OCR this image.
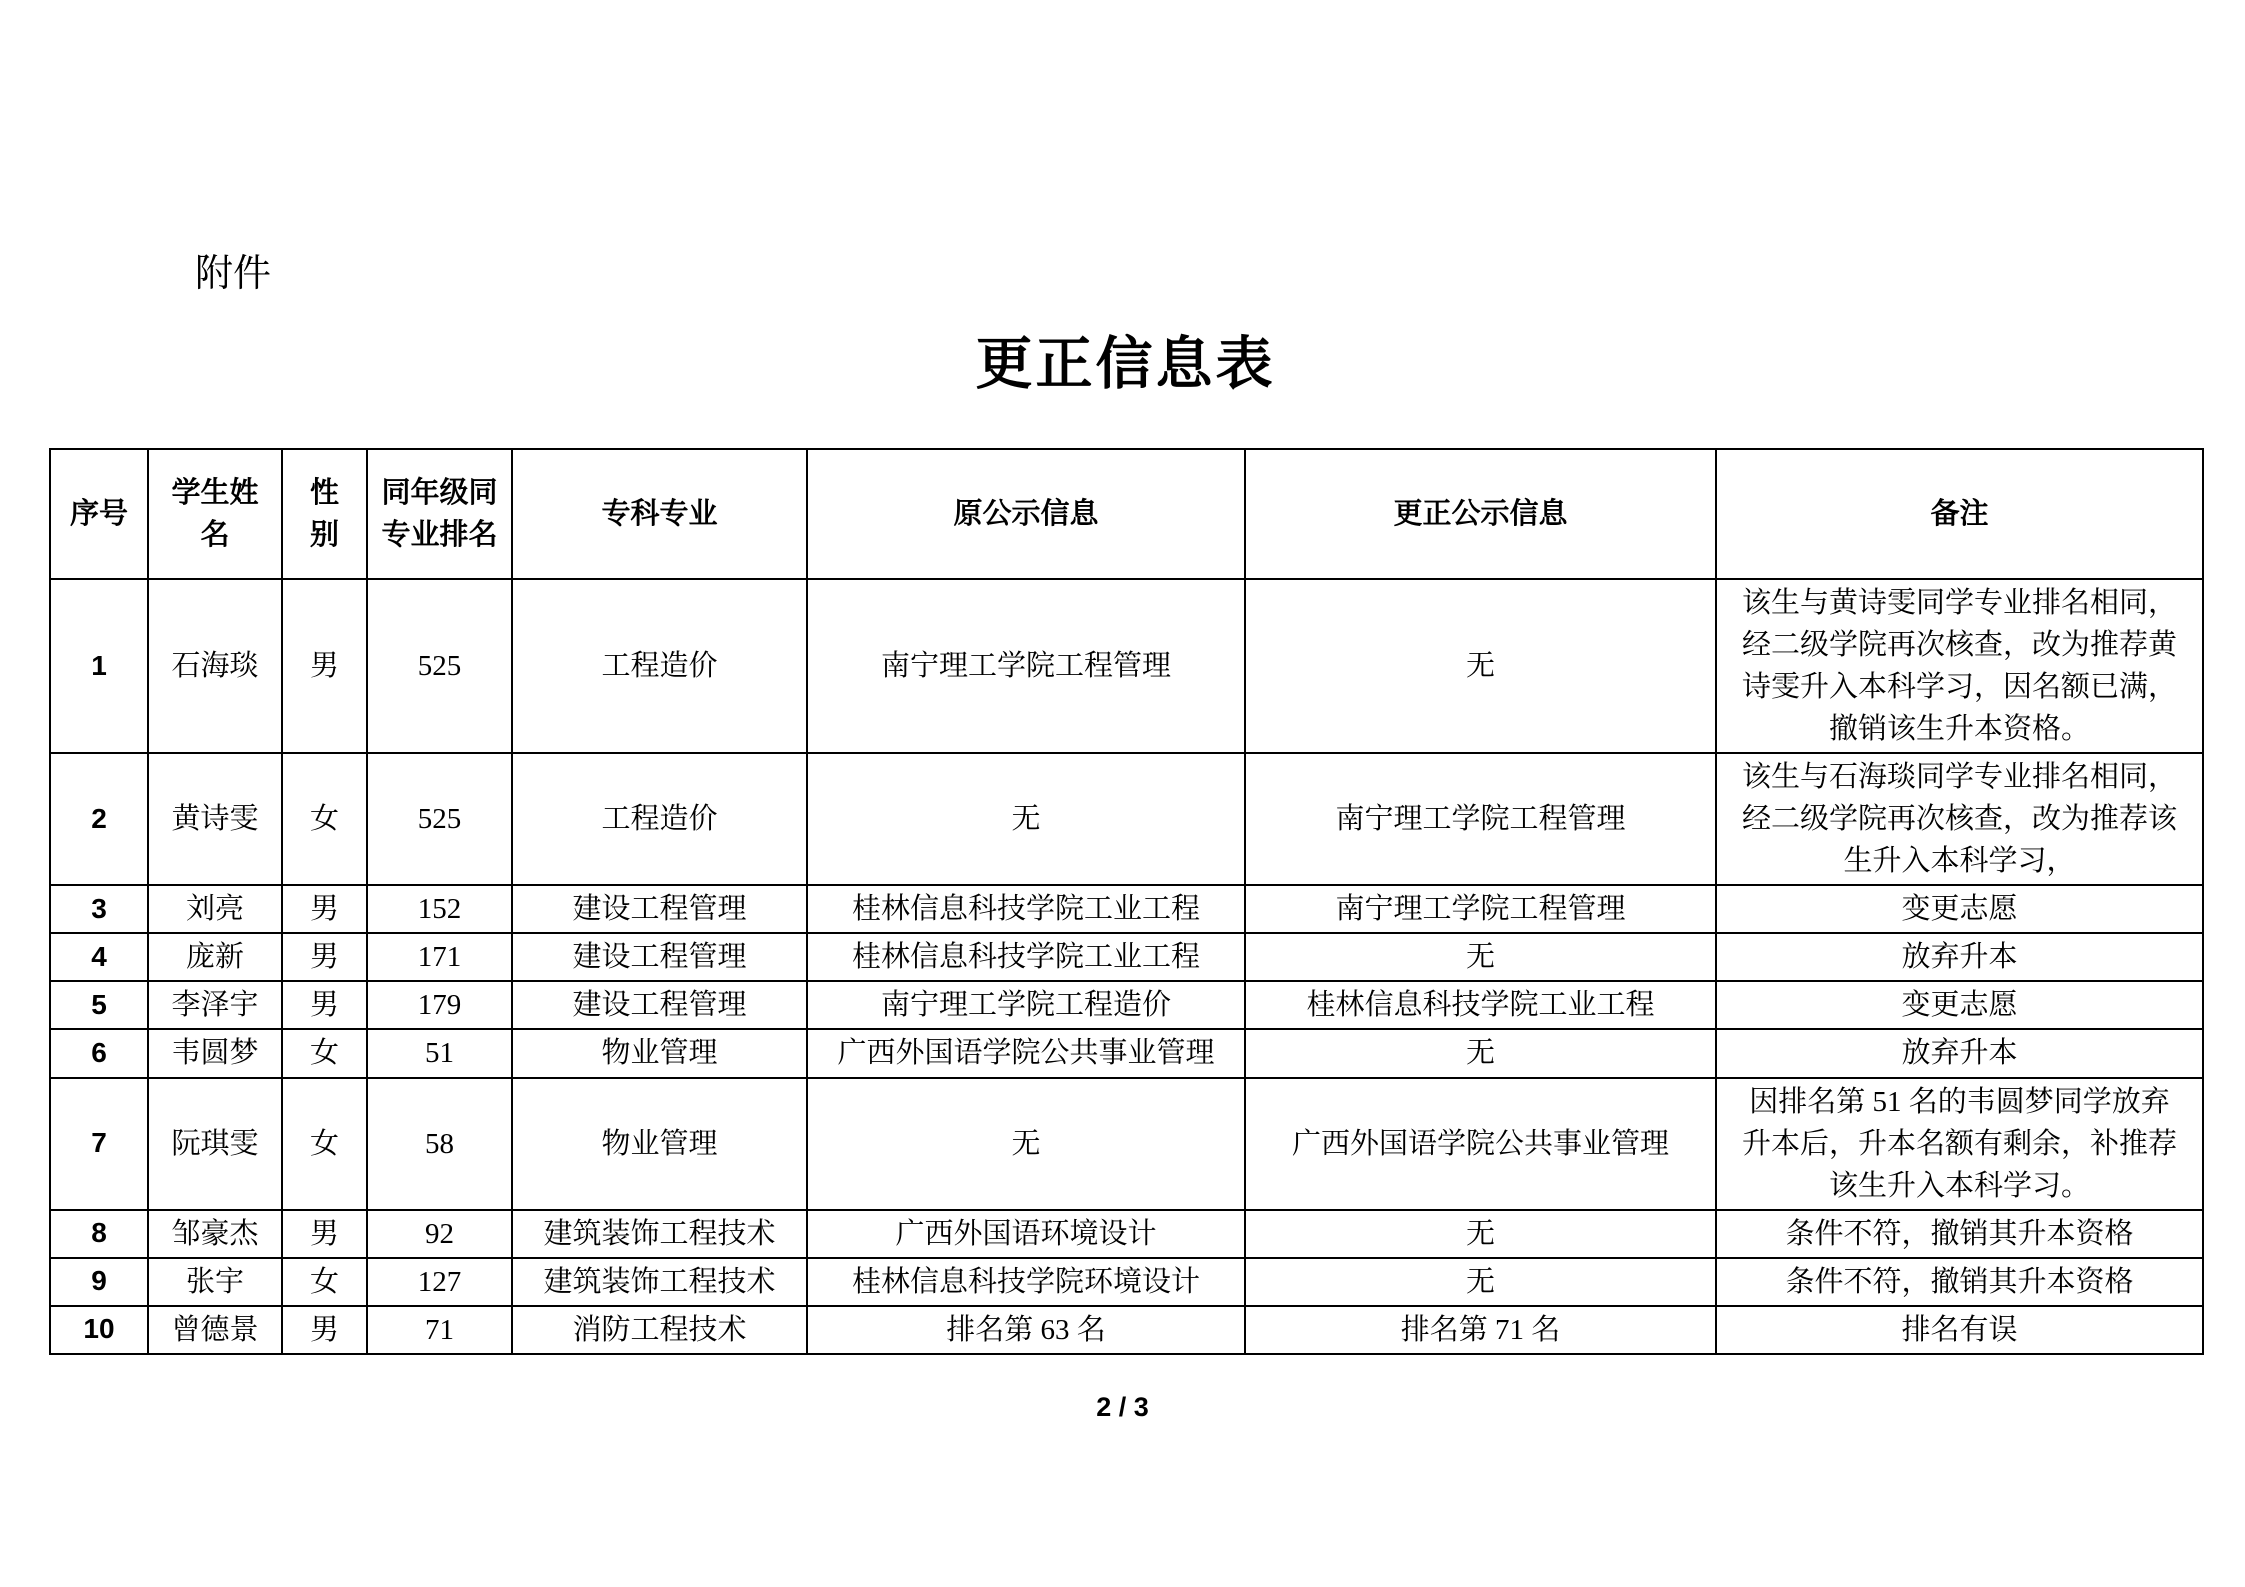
附件
更正信息表
序号	学生姓名	性别	同年级同专业排名	专科专业	原公示信息	更正公示信息	备注
1	石海琰	男	525	工程造价	南宁理工学院工程管理	无	该生与黄诗雯同学专业排名相同，经二级学院再次核查，改为推荐黄诗雯升入本科学习，因名额已满，撤销该生升本资格。
2	黄诗雯	女	525	工程造价	无	南宁理工学院工程管理	该生与石海琰同学专业排名相同，经二级学院再次核查，改为推荐该生升入本科学习，
3	刘亮	男	152	建设工程管理	桂林信息科技学院工业工程	南宁理工学院工程管理	变更志愿
4	庞新	男	171	建设工程管理	桂林信息科技学院工业工程	无	放弃升本
5	李泽宇	男	179	建设工程管理	南宁理工学院工程造价	桂林信息科技学院工业工程	变更志愿
6	韦圆梦	女	51	物业管理	广西外国语学院公共事业管理	无	放弃升本
7	阮琪雯	女	58	物业管理	无	广西外国语学院公共事业管理	因排名第 51 名的韦圆梦同学放弃升本后，升本名额有剩余，补推荐该生升入本科学习。
8	邹豪杰	男	92	建筑装饰工程技术	广西外国语环境设计	无	条件不符，撤销其升本资格
9	张宇	女	127	建筑装饰工程技术	桂林信息科技学院环境设计	无	条件不符，撤销其升本资格
10	曾德景	男	71	消防工程技术	排名第 63 名	排名第 71 名	排名有误
2 / 3
